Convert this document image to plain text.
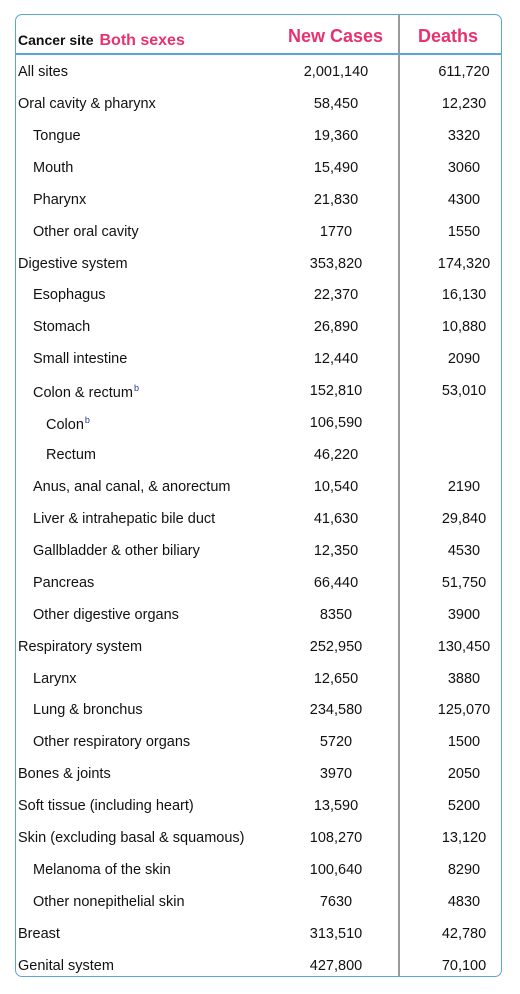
Cancer site Both sexes	New Cases Deaths
All sites	2,001,140	611,720
Oral cavity & pharynx	58,450	12,230
Tongue	19,360	3320
Mouth	15,490	3060
Pharynx	21,830	4300
Other oral cavity	1770	1550
Digestive system	353,820	174,320
Esophagus	22,370	16,130
Stomach	26,890	10,880
Small intestine	12,440	2090
Colon & rectum$^b$	152,810	53,010
Colon$^b$	106,590
Rectum	46,220
Anus, anal canal, & anorectum	10,540	2190
Liver & intrahepatic bile duct	41,630	29,840
Gallbladder & other biliary	12,350	4530
Pancreas	66,440	51,750
Other digestive organs	8350	3900
Respiratory system	252,950	130,450
Larynx	12,650	3880
Lung & bronchus	234,580	125,070
Other respiratory organs	5720	1500
Bones & joints	3970	2050
Soft tissue (including heart)	13,590	5200
Skin (excluding basal & squamous)	108,270	13,120
Melanoma of the skin	100,640	8290
Other nonepithelial skin	7630	4830
Breast	313,510	42,780
Genital system	427,800	70,100
